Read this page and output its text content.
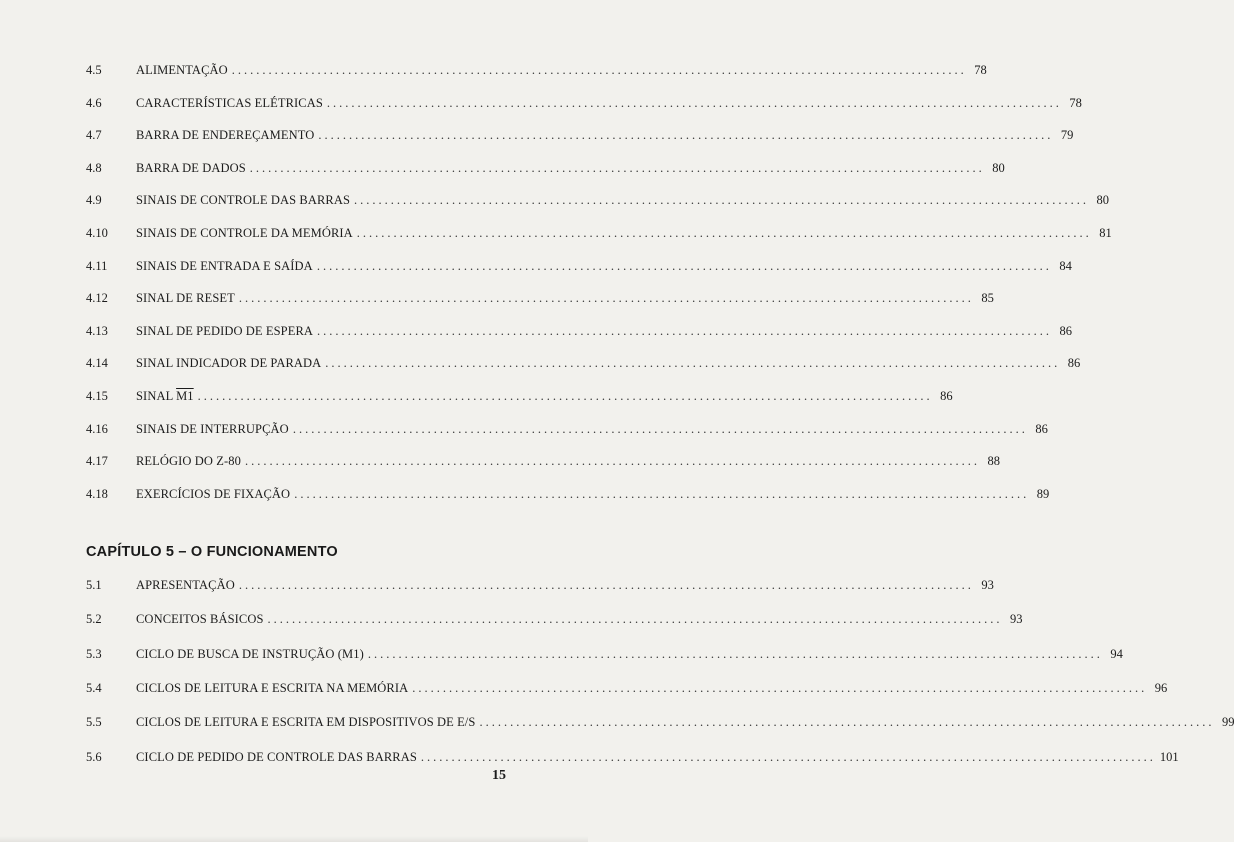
4.5	ALIMENTAÇÃO ........................................................................................................................ 78
4.6	CARACTERÍSTICAS ELÉTRICAS ........................................................................................................................ 78
4.7	BARRA DE ENDEREÇAMENTO ........................................................................................................................ 79
4.8	BARRA DE DADOS ........................................................................................................................ 80
4.9	SINAIS DE CONTROLE DAS BARRAS ........................................................................................................................ 80
4.10	SINAIS DE CONTROLE DA MEMÓRIA ........................................................................................................................ 81
4.11	SINAIS DE ENTRADA E SAÍDA ........................................................................................................................ 84
4.12	SINAL DE RESET ........................................................................................................................ 85
4.13	SINAL DE PEDIDO DE ESPERA ........................................................................................................................ 86
4.14	SINAL INDICADOR DE PARADA ........................................................................................................................ 86
4.15	SINAL M1 ........................................................................................................................ 86
4.16	SINAIS DE INTERRUPÇÃO ........................................................................................................................ 86
4.17	RELÓGIO DO Z-80 ........................................................................................................................ 88
4.18	EXERCÍCIOS DE FIXAÇÃO ........................................................................................................................ 89
CAPÍTULO 5 – O FUNCIONAMENTO
5.1	APRESENTAÇÃO ........................................................................................................................ 93
5.2	CONCEITOS BÁSICOS ........................................................................................................................ 93
5.3	CICLO DE BUSCA DE INSTRUÇÃO (M1) ........................................................................................................................ 94
5.4	CICLOS DE LEITURA E ESCRITA NA MEMÓRIA ........................................................................................................................ 96
5.5	CICLOS DE LEITURA E ESCRITA EM DISPOSITIVOS DE E/S ........................................................................................................................ 99
5.6	CICLO DE PEDIDO DE CONTROLE DAS BARRAS ........................................................................................................................ 101
15
